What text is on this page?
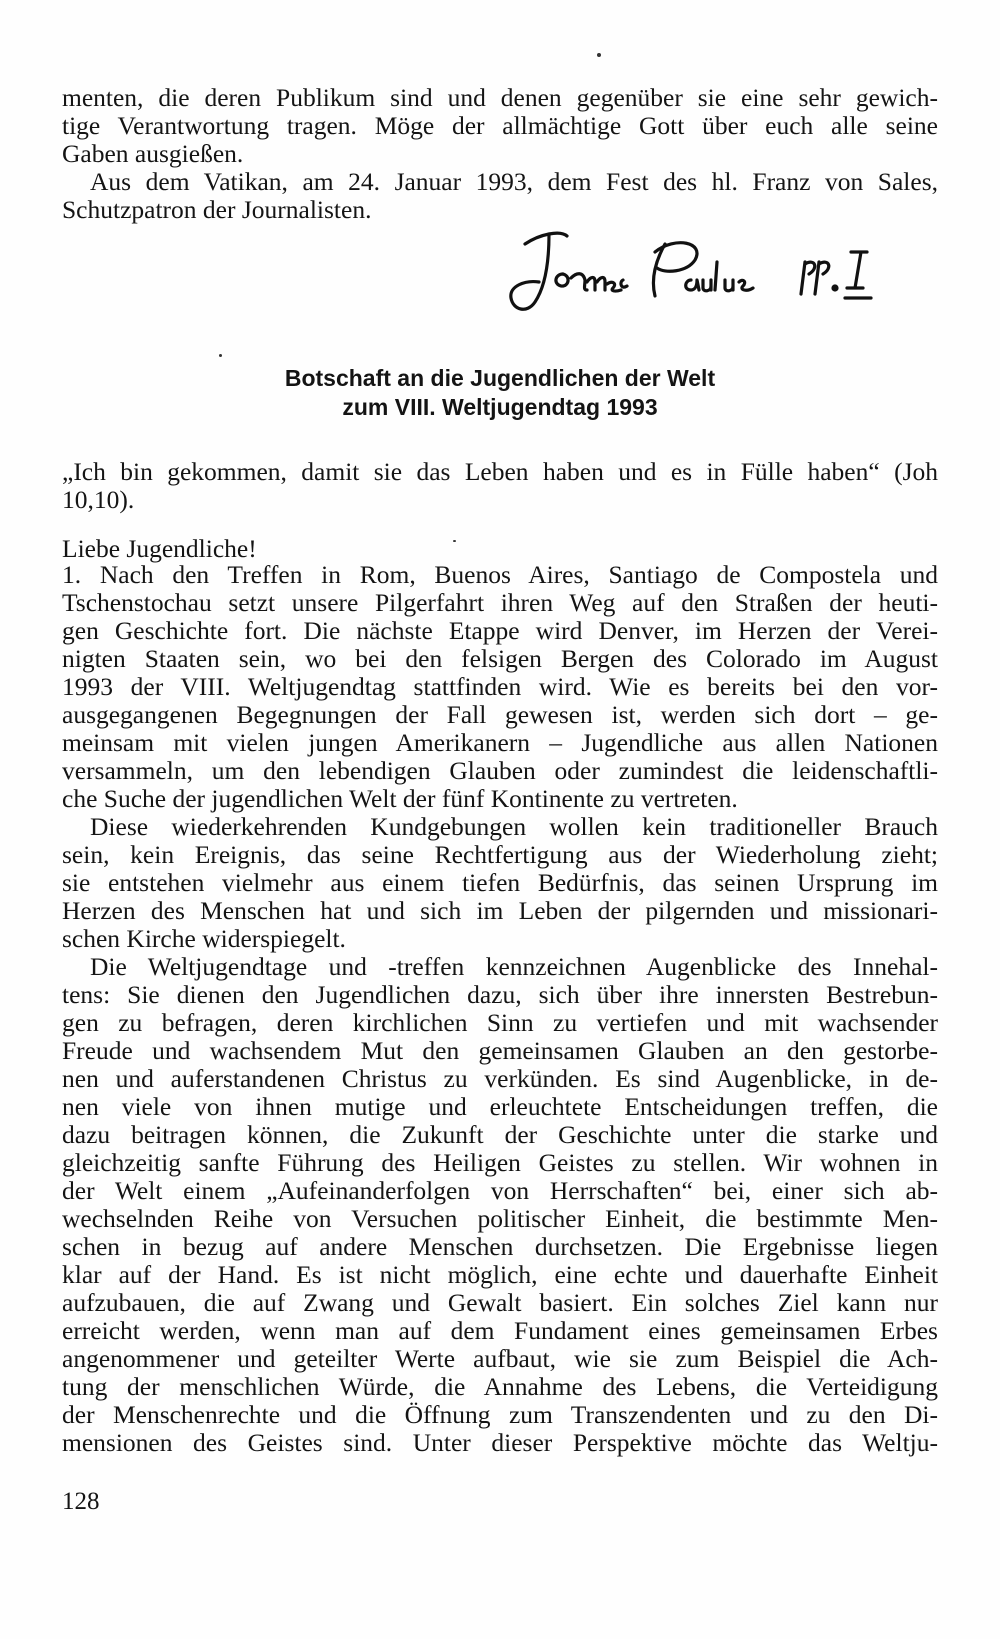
menten, die deren Publikum sind und denen gegenüber sie eine sehr gewich-
tige Verantwortung tragen. Möge der allmächtige Gott über euch alle seine
Gaben ausgießen.
Aus dem Vatikan, am 24. Januar 1993, dem Fest des hl. Franz von Sales,
Schutzpatron der Journalisten.
Botschaft an die Jugendlichen der Welt
zum VIII. Weltjugendtag 1993
„Ich bin gekommen, damit sie das Leben haben und es in Fülle haben“ (Joh
10,10).
Liebe Jugendliche!
1. Nach den Treffen in Rom, Buenos Aires, Santiago de Compostela und
Tschenstochau setzt unsere Pilgerfahrt ihren Weg auf den Straßen der heuti-
gen Geschichte fort. Die nächste Etappe wird Denver, im Herzen der Verei-
nigten Staaten sein, wo bei den felsigen Bergen des Colorado im August
1993 der VIII. Weltjugendtag stattfinden wird. Wie es bereits bei den vor-
ausgegangenen Begegnungen der Fall gewesen ist, werden sich dort – ge-
meinsam mit vielen jungen Amerikanern – Jugendliche aus allen Nationen
versammeln, um den lebendigen Glauben oder zumindest die leidenschaftli-
che Suche der jugendlichen Welt der fünf Kontinente zu vertreten.
Diese wiederkehrenden Kundgebungen wollen kein traditioneller Brauch
sein, kein Ereignis, das seine Rechtfertigung aus der Wiederholung zieht;
sie entstehen vielmehr aus einem tiefen Bedürfnis, das seinen Ursprung im
Herzen des Menschen hat und sich im Leben der pilgernden und missionari-
schen Kirche widerspiegelt.
Die Weltjugendtage und -treffen kennzeichnen Augenblicke des Innehal-
tens: Sie dienen den Jugendlichen dazu, sich über ihre innersten Bestrebun-
gen zu befragen, deren kirchlichen Sinn zu vertiefen und mit wachsender
Freude und wachsendem Mut den gemeinsamen Glauben an den gestorbe-
nen und auferstandenen Christus zu verkünden. Es sind Augenblicke, in de-
nen viele von ihnen mutige und erleuchtete Entscheidungen treffen, die
dazu beitragen können, die Zukunft der Geschichte unter die starke und
gleichzeitig sanfte Führung des Heiligen Geistes zu stellen. Wir wohnen in
der Welt einem „Aufeinanderfolgen von Herrschaften“ bei, einer sich ab-
wechselnden Reihe von Versuchen politischer Einheit, die bestimmte Men-
schen in bezug auf andere Menschen durchsetzen. Die Ergebnisse liegen
klar auf der Hand. Es ist nicht möglich, eine echte und dauerhafte Einheit
aufzubauen, die auf Zwang und Gewalt basiert. Ein solches Ziel kann nur
erreicht werden, wenn man auf dem Fundament eines gemeinsamen Erbes
angenommener und geteilter Werte aufbaut, wie sie zum Beispiel die Ach-
tung der menschlichen Würde, die Annahme des Lebens, die Verteidigung
der Menschenrechte und die Öffnung zum Transzendenten und zu den Di-
mensionen des Geistes sind. Unter dieser Perspektive möchte das Weltju-
128
